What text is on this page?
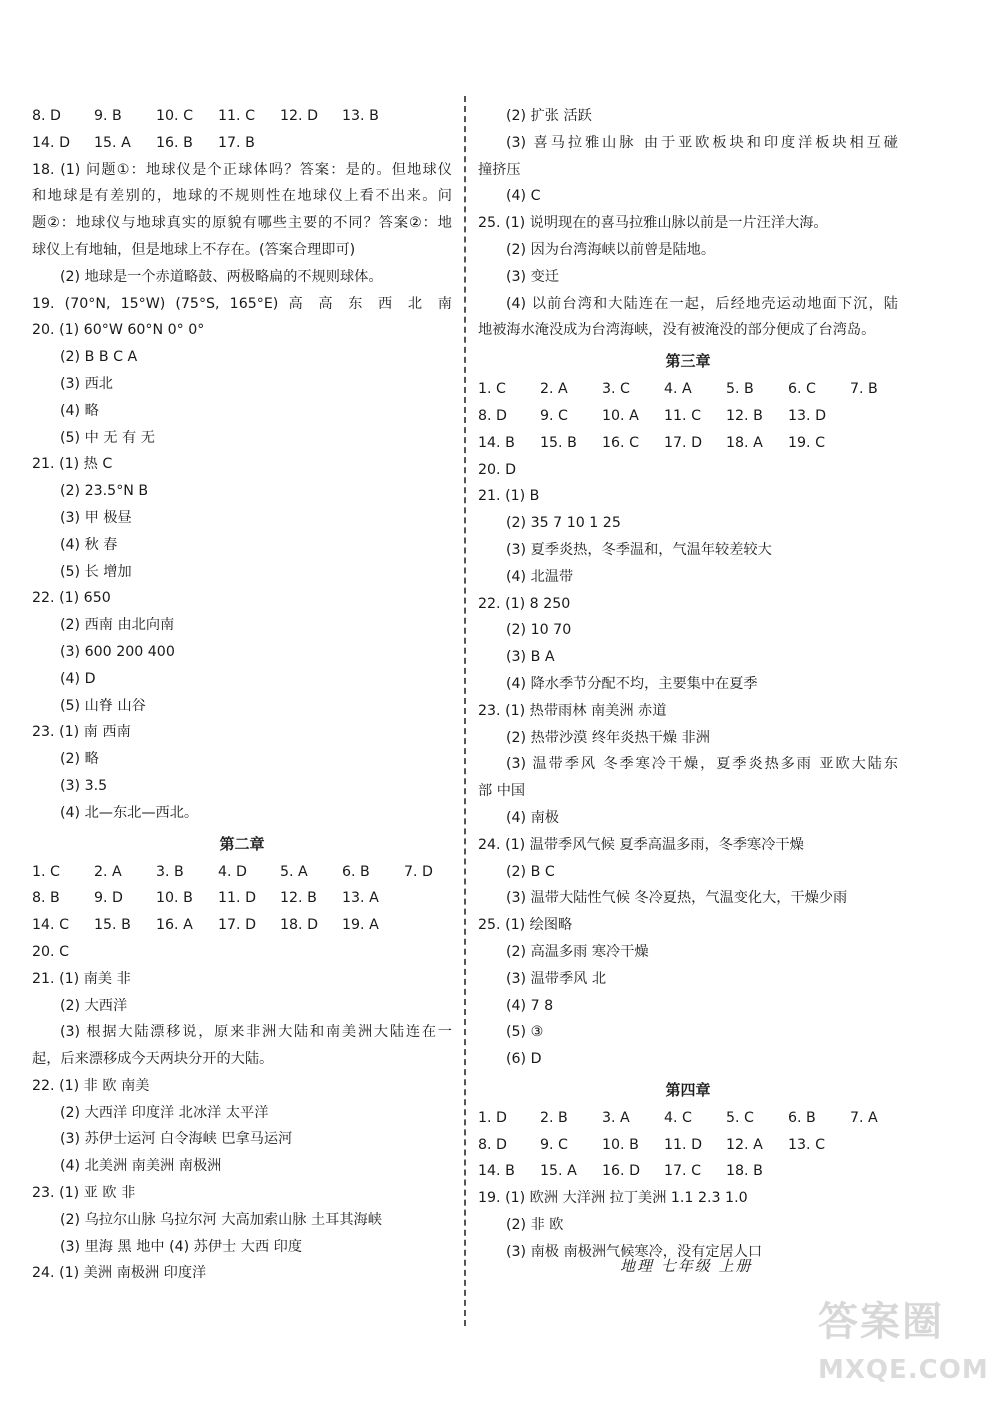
8. D 9. B 10. C 11. C 12. D 13. B
14. D 15. A 16. B 17. B
18. (1) 问题①：地球仪是个正球体吗？答案：是的。但地球仪
和地球是有差别的，地球的不规则性在地球仪上看不出来。问
题②：地球仪与地球真实的原貌有哪些主要的不同？答案②：地
球仪上有地轴，但是地球上不存在。(答案合理即可)
(2) 地球是一个赤道略鼓、两极略扁的不规则球体。
19. (70°N, 15°W) (75°S, 165°E) 高 高 东 西 北 南
20. (1) 60°W 60°N 0° 0°
(2) B B C A
(3) 西北
(4) 略
(5) 中 无 有 无
21. (1) 热 C
(2) 23.5°N B
(3) 甲 极昼
(4) 秋 春
(5) 长 增加
22. (1) 650
(2) 西南 由北向南
(3) 600 200 400
(4) D
(5) 山脊 山谷
23. (1) 南 西南
(2) 略
(3) 3.5
(4) 北—东北—西北。
第二章
1. C 2. A 3. B 4. D 5. A 6. B 7. D
8. B 9. D 10. B 11. D 12. B 13. A
14. C 15. B 16. A 17. D 18. D 19. A
20. C
21. (1) 南美 非
(2) 大西洋
(3) 根据大陆漂移说，原来非洲大陆和南美洲大陆连在一
起，后来漂移成今天两块分开的大陆。
22. (1) 非 欧 南美
(2) 大西洋 印度洋 北冰洋 太平洋
(3) 苏伊士运河 白令海峡 巴拿马运河
(4) 北美洲 南美洲 南极洲
23. (1) 亚 欧 非
(2) 乌拉尔山脉 乌拉尔河 大高加索山脉 土耳其海峡
(3) 里海 黑 地中 (4) 苏伊士 大西 印度
24. (1) 美洲 南极洲 印度洋
(2) 扩张 活跃
(3) 喜马拉雅山脉 由于亚欧板块和印度洋板块相互碰
撞挤压
(4) C
25. (1) 说明现在的喜马拉雅山脉以前是一片汪洋大海。
(2) 因为台湾海峡以前曾是陆地。
(3) 变迁
(4) 以前台湾和大陆连在一起，后经地壳运动地面下沉，陆
地被海水淹没成为台湾海峡，没有被淹没的部分便成了台湾岛。
第三章
1. C 2. A 3. C 4. A 5. B 6. C 7. B
8. D 9. C 10. A 11. C 12. B 13. D
14. B 15. B 16. C 17. D 18. A 19. C
20. D
21. (1) B
(2) 35 7 10 1 25
(3) 夏季炎热，冬季温和，气温年较差较大
(4) 北温带
22. (1) 8 250
(2) 10 70
(3) B A
(4) 降水季节分配不均，主要集中在夏季
23. (1) 热带雨林 南美洲 赤道
(2) 热带沙漠 终年炎热干燥 非洲
(3) 温带季风 冬季寒冷干燥，夏季炎热多雨 亚欧大陆东
部 中国
(4) 南极
24. (1) 温带季风气候 夏季高温多雨，冬季寒冷干燥
(2) B C
(3) 温带大陆性气候 冬冷夏热，气温变化大，干燥少雨
25. (1) 绘图略
(2) 高温多雨 寒冷干燥
(3) 温带季风 北
(4) 7 8
(5) ③
(6) D
第四章
1. D 2. B 3. A 4. C 5. C 6. B 7. A
8. D 9. C 10. B 11. D 12. A 13. C
14. B 15. A 16. D 17. C 18. B
19. (1) 欧洲 大洋洲 拉丁美洲 1.1 2.3 1.0
(2) 非 欧
(3) 南极 南极洲气候寒冷，没有定居人口
地理 七年级 上册
答案圈
MXQE.COM
